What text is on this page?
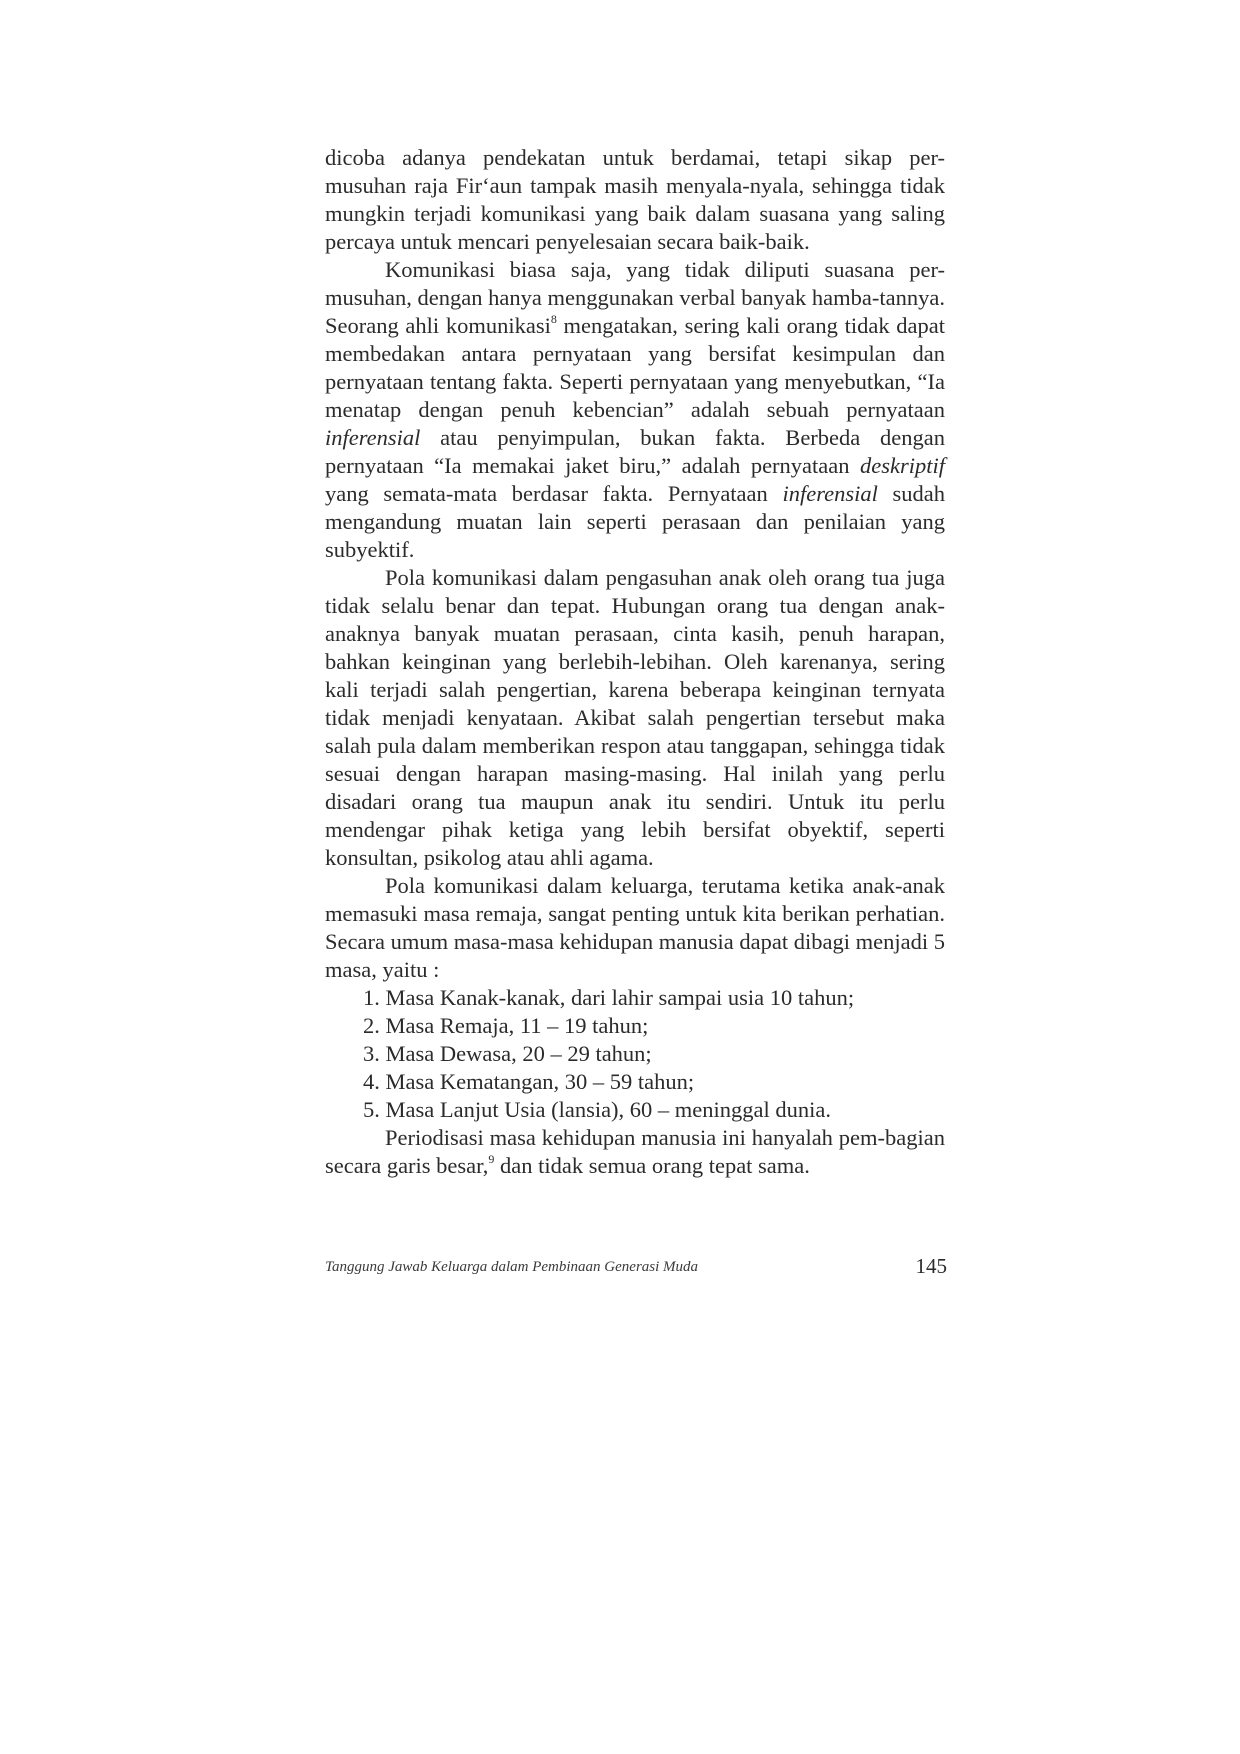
dicoba adanya pendekatan untuk berdamai, tetapi sikap per-musuhan raja Fir‘aun tampak masih menyala-nyala, sehingga tidak mungkin terjadi komunikasi yang baik dalam suasana yang saling percaya untuk mencari penyelesaian secara baik-baik.

Komunikasi biasa saja, yang tidak diliputi suasana per-musuhan, dengan hanya menggunakan verbal banyak hamba-tannya. Seorang ahli komunikasi$^8$ mengatakan, sering kali orang tidak dapat membedakan antara pernyataan yang bersifat kesimpulan dan pernyataan tentang fakta. Seperti pernyataan yang menyebutkan, “Ia menatap dengan penuh kebencian” adalah sebuah pernyataan inferensial atau penyimpulan, bukan fakta. Berbeda dengan pernyataan “Ia memakai jaket biru,” adalah pernyataan deskriptif yang semata-mata berdasar fakta. Pernyataan inferensial sudah mengandung muatan lain seperti perasaan dan penilaian yang subyektif.

Pola komunikasi dalam pengasuhan anak oleh orang tua juga tidak selalu benar dan tepat. Hubungan orang tua dengan anak-anaknya banyak muatan perasaan, cinta kasih, penuh harapan, bahkan keinginan yang berlebih-lebihan. Oleh karenanya, sering kali terjadi salah pengertian, karena beberapa keinginan ternyata tidak menjadi kenyataan. Akibat salah pengertian tersebut maka salah pula dalam memberikan respon atau tanggapan, sehingga tidak sesuai dengan harapan masing-masing. Hal inilah yang perlu disadari orang tua maupun anak itu sendiri. Untuk itu perlu mendengar pihak ketiga yang lebih bersifat obyektif, seperti konsultan, psikolog atau ahli agama.

Pola komunikasi dalam keluarga, terutama ketika anak-anak memasuki masa remaja, sangat penting untuk kita berikan perhatian. Secara umum masa-masa kehidupan manusia dapat dibagi menjadi 5 masa, yaitu :

1. Masa Kanak-kanak, dari lahir sampai usia 10 tahun;

2. Masa Remaja, 11 – 19 tahun;

3. Masa Dewasa, 20 – 29 tahun;

4. Masa Kematangan, 30 – 59 tahun;

5. Masa Lanjut Usia (lansia), 60 – meninggal dunia.

Periodisasi masa kehidupan manusia ini hanyalah pem-bagian secara garis besar,$^9$ dan tidak semua orang tepat sama.

Tanggung Jawab Keluarga dalam Pembinaan Generasi Muda	145
